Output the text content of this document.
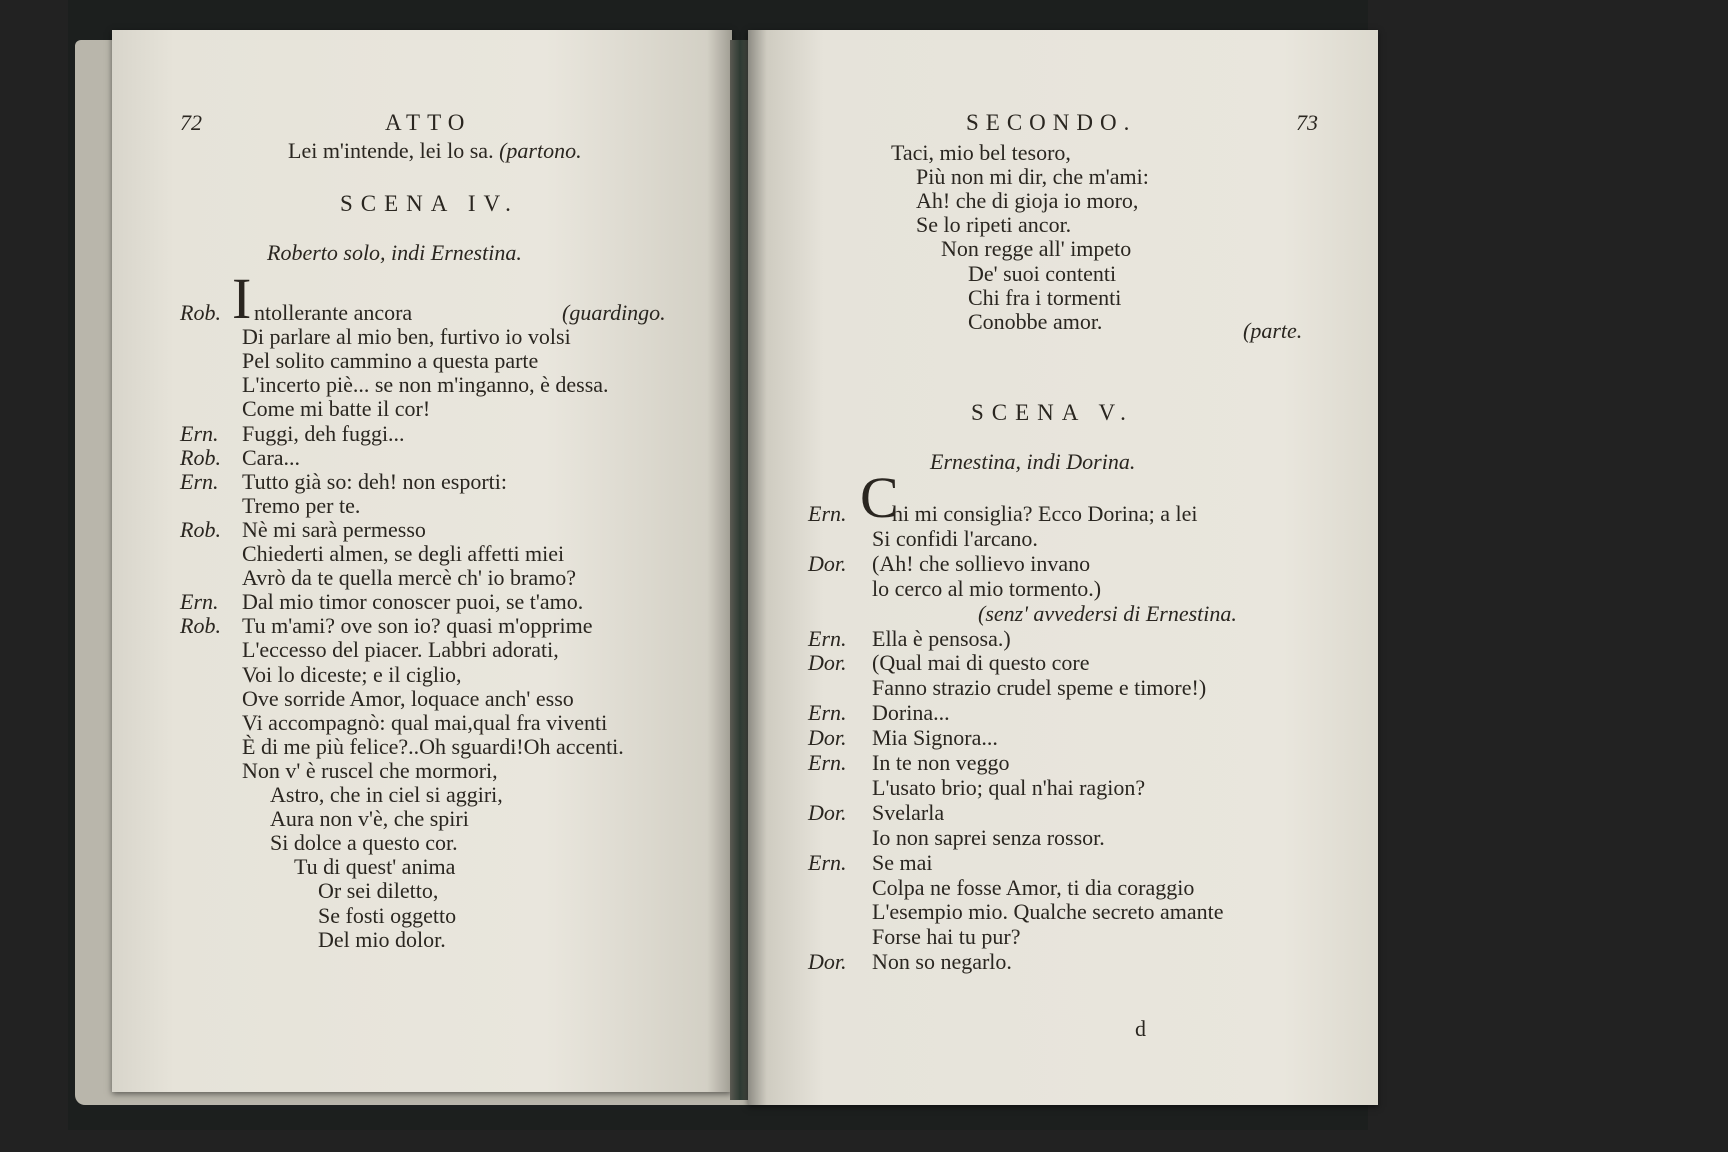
72	ATTO
Lei m'intende, lei lo sa. (partono.
SCENA IV.
Roberto solo, indi Ernestina.
Rob. I ntollerante ancora	(guardingo.
Di parlare al mio ben, furtivo io volsi
Pel solito cammino a questa parte
L'incerto piè... se non m'inganno, è dessa.
Come mi batte il cor!
Ern. Fuggi, deh fuggi...
Rob. Cara...
Ern. Tutto già so: deh! non esporti:
Tremo per te.
Rob. Nè mi sarà permesso
Chiederti almen, se degli affetti miei
Avrò da te quella mercè ch' io bramo?
Ern. Dal mio timor conoscer puoi, se t'amo.
Rob. Tu m'ami? ove son io? quasi m'opprime
L'eccesso del piacer. Labbri adorati,
Voi lo diceste; e il ciglio,
Ove sorride Amor, loquace anch' esso
Vi accompagnò: qual mai,qual fra viventi
È di me più felice?..Oh sguardi!Oh accenti.
Non v' è ruscel che mormori,
Astro, che in ciel si aggiri,
Aura non v'è, che spiri
Si dolce a questo cor.
Tu di quest' anima
Or sei diletto,
Se fosti oggetto
Del mio dolor.
SECONDO.	73
(parte.
SCENA V.
Ernestina, indi Dorina.
d
Taci, mio bel tesoro,
Più non mi dir, che m'ami:
Ah! che di gioja io moro,
Se lo ripeti ancor.
Non regge all' impeto
De' suoi contenti
Chi fra i tormenti
Conobbe amor.
Ern. C
hi mi consiglia? Ecco Dorina; a lei
Si confidi l'arcano.
Dor. (Ah! che sollievo invano
lo cerco al mio tormento.)
(senz' avvedersi di Ernestina.
Ern. Ella è pensosa.)
Dor. (Qual mai di questo core
Fanno strazio crudel speme e timore!)
Ern. Dorina...
Dor. Mia Signora...
Ern. In te non veggo
L'usato brio; qual n'hai ragion?
Dor. Svelarla
Io non saprei senza rossor.
Ern. Se mai
Colpa ne fosse Amor, ti dia coraggio
L'esempio mio. Qualche secreto amante
Forse hai tu pur?
Dor. Non so negarlo.
